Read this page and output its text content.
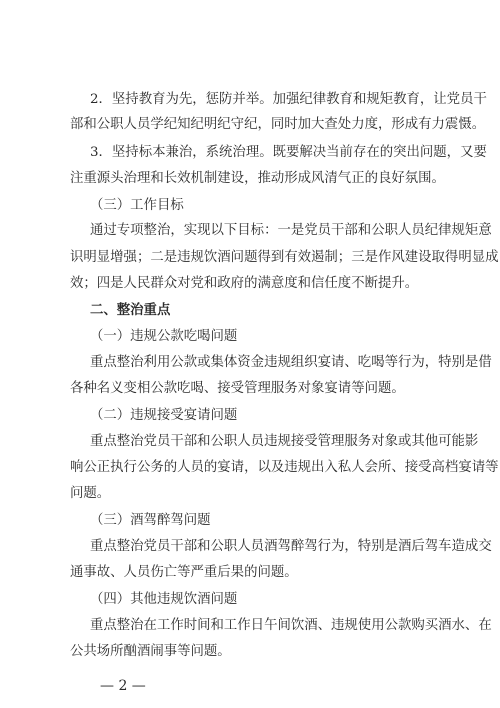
2．坚持教育为先，惩防并举。加强纪律教育和规矩教育，让党员干
部和公职人员学纪知纪明纪守纪，同时加大查处力度，形成有力震慑。
3．坚持标本兼治，系统治理。既要解决当前存在的突出问题，又要
注重源头治理和长效机制建设，推动形成风清气正的良好氛围。
（三）工作目标
通过专项整治，实现以下目标：一是党员干部和公职人员纪律规矩意
识明显增强；二是违规饮酒问题得到有效遏制；三是作风建设取得明显成
效；四是人民群众对党和政府的满意度和信任度不断提升。
二、整治重点
（一）违规公款吃喝问题
重点整治利用公款或集体资金违规组织宴请、吃喝等行为，特别是借
各种名义变相公款吃喝、接受管理服务对象宴请等问题。
（二）违规接受宴请问题
重点整治党员干部和公职人员违规接受管理服务对象或其他可能影
响公正执行公务的人员的宴请，以及违规出入私人会所、接受高档宴请等
问题。
（三）酒驾醉驾问题
重点整治党员干部和公职人员酒驾醉驾行为，特别是酒后驾车造成交
通事故、人员伤亡等严重后果的问题。
（四）其他违规饮酒问题
重点整治在工作时间和工作日午间饮酒、违规使用公款购买酒水、在
公共场所酗酒闹事等问题。
— 2 —
